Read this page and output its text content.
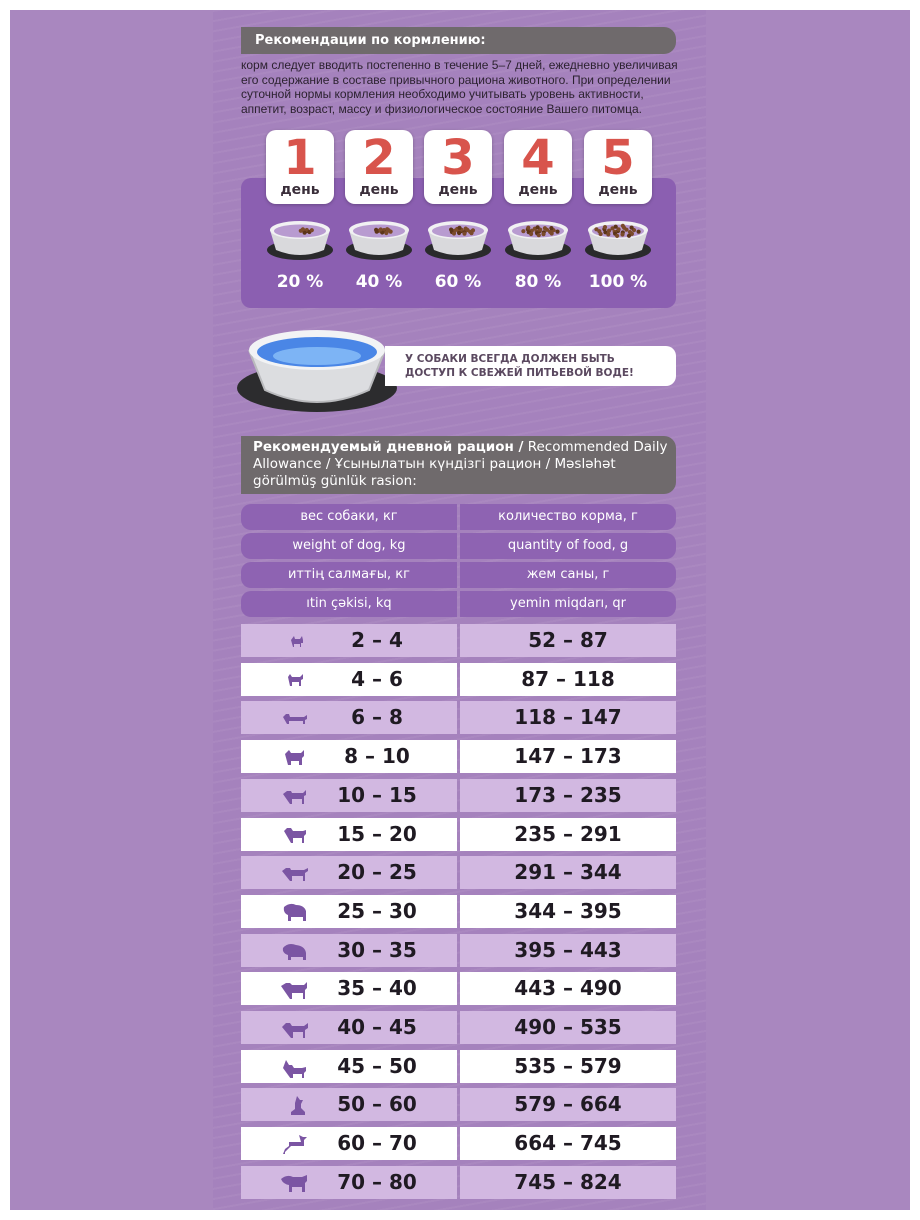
Рекомендации по кормлению:
корм следует вводить постепенно в течение 5–7 дней, ежедневно увеличивая его содержание в составе привычного рациона животного. При определении суточной нормы кормления необходимо учитывать уровень активности, аппетит, возраст, массу и физиологическое состояние Вашего питомца.
1
день
20 %
2
день
40 %
3
день
60 %
4
день
80 %
5
день
100 %
У СОБАКИ ВСЕГДА ДОЛЖЕН БЫТЬ
ДОСТУП К СВЕЖЕЙ ПИТЬЕВОЙ ВОДЕ!
Рекомендуемый дневной рацион / Recommended Daily Allowance / Ұсынылатын күндізгі рацион / Məsləhət görülmüş günlük rasion:
вес собаки, кг	количество корма, г
weight of dog, kg	quantity of food, g
иттің салмағы, кг	жем саны, г
ıtin çəkisi, kq	yemin miqdarı, qr
2 – 4	52 – 87
4 – 6	87 – 118
6 – 8	118 – 147
8 – 10	147 – 173
10 – 15	173 – 235
15 – 20	235 – 291
20 – 25	291 – 344
25 – 30	344 – 395
30 – 35	395 – 443
35 – 40	443 – 490
40 – 45	490 – 535
45 – 50	535 – 579
50 – 60	579 – 664
60 – 70	664 – 745
70 – 80	745 – 824
